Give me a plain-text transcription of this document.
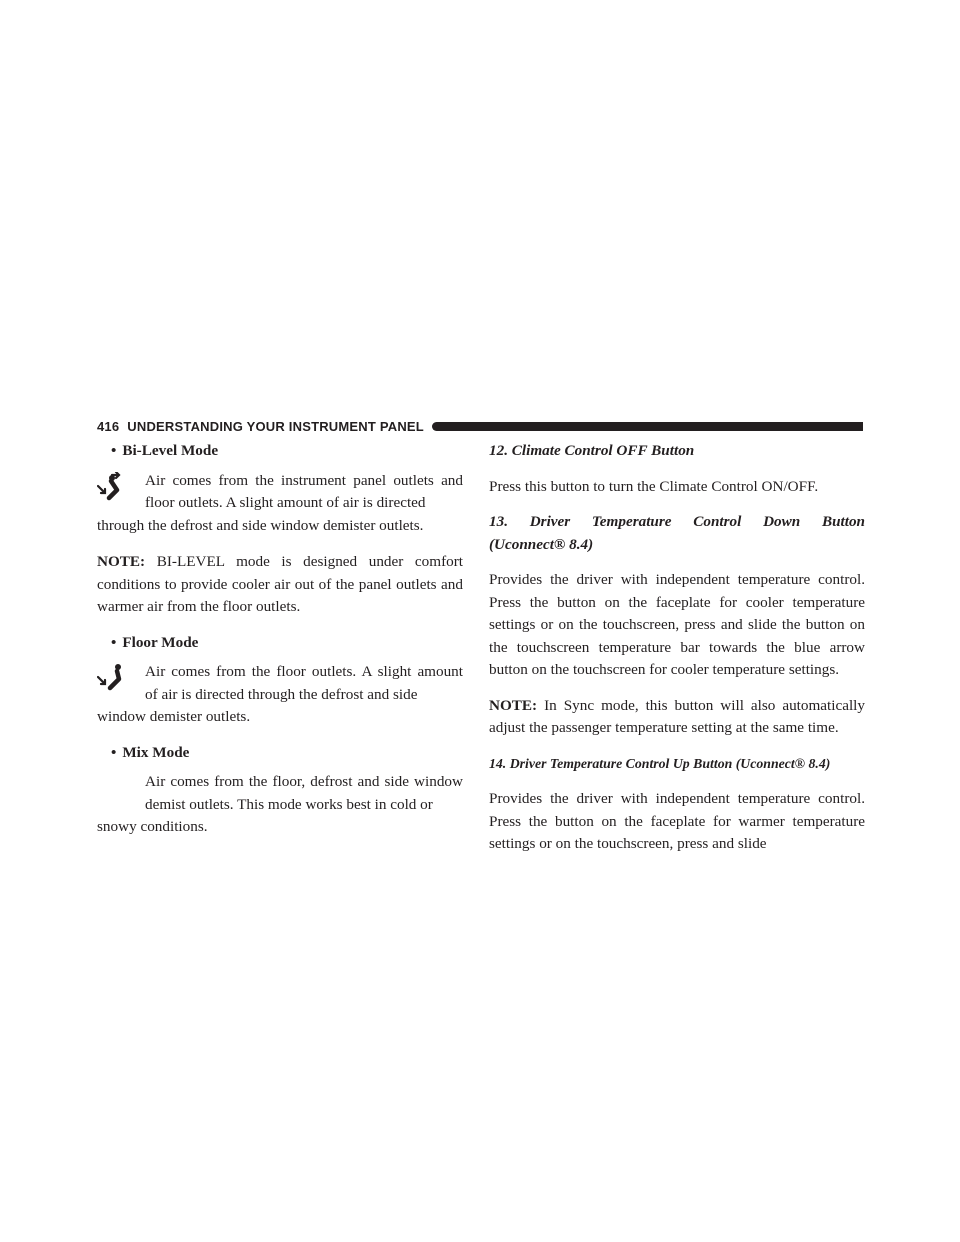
416 UNDERSTANDING YOUR INSTRUMENT PANEL

• Bi-Level Mode

Air comes from the instrument panel outlets and

floor outlets. A slight amount of air is directed

through the defrost and side window demister outlets.

NOTE: BI-LEVEL mode is designed under comfort conditions to provide cooler air out of the panel outlets and warmer air from the floor outlets.

• Floor Mode

Air comes from the floor outlets. A slight amount

of air is directed through the defrost and side

window demister outlets.

• Mix Mode

Air comes from the floor, defrost and side window

demist outlets. This mode works best in cold or

snowy conditions.

12. Climate Control OFF Button

Press this button to turn the Climate Control ON/OFF.

13. Driver Temperature Control Down Button

(Uconnect® 8.4)

Provides the driver with independent temperature control. Press the button on the faceplate for cooler temperature settings or on the touchscreen, press and slide the button on the touchscreen temperature bar towards the blue arrow button on the touchscreen for cooler temperature settings.

NOTE: In Sync mode, this button will also automatically adjust the passenger temperature setting at the same time.

14. Driver Temperature Control Up Button (Uconnect® 8.4)

Provides the driver with independent temperature control. Press the button on the faceplate for warmer temperature settings or on the touchscreen, press and slide
